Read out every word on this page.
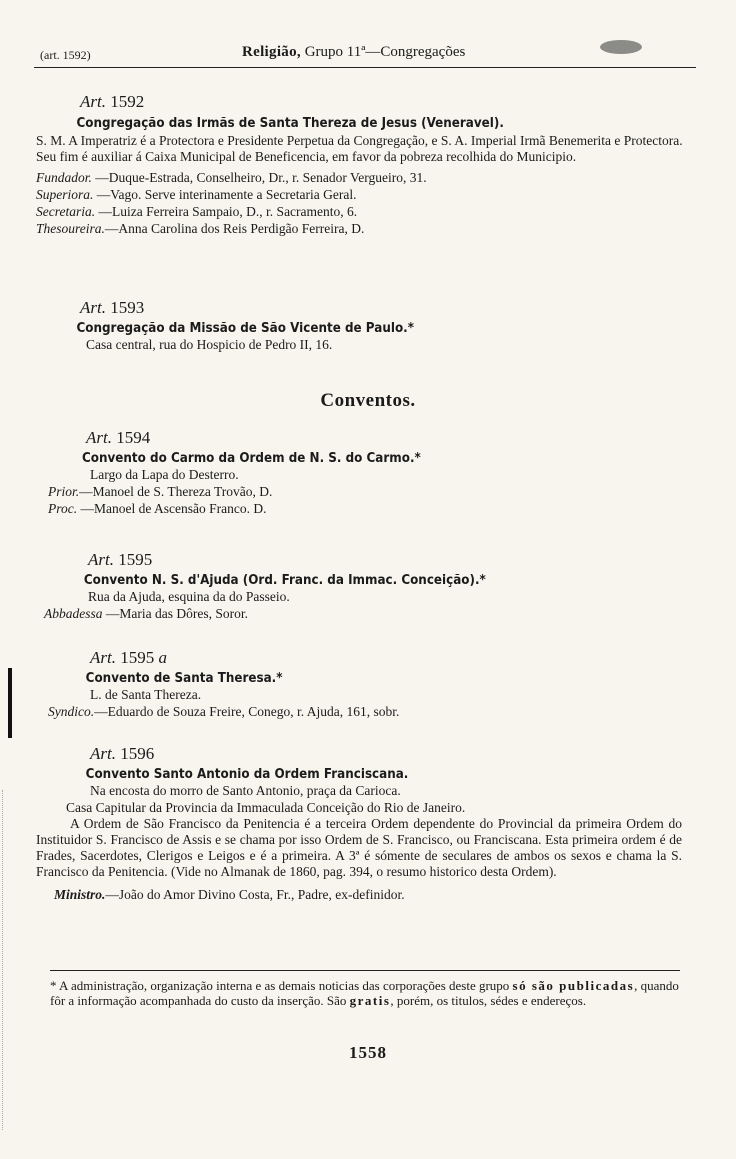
(art. 1592)	Religião, Grupo 11ª—Congregações
Art. 1592
Congregação das Irmãs de Santa Thereza de Jesus (Veneravel).
S. M. A Imperatriz é a Protectora e Presidente Perpetua da Congregação, e S. A. Imperial Irmã Benemerita e Protectora.
Seu fim é auxiliar á Caixa Municipal de Beneficencia, em favor da pobreza recolhida do Municipio.
Fundador. —Duque-Estrada, Conselheiro, Dr., r. Senador Vergueiro, 31.
Superiora. —Vago. Serve interinamente a Secretaria Geral.
Secretaria. —Luiza Ferreira Sampaio, D., r. Sacramento, 6.
Thesoureira.—Anna Carolina dos Reis Perdigão Ferreira, D.
Art. 1593
Congregação da Missão de São Vicente de Paulo.*
Casa central, rua do Hospicio de Pedro II, 16.
Conventos.
Art. 1594
Convento do Carmo da Ordem de N. S. do Carmo.*
Largo da Lapa do Desterro.
Prior.—Manoel de S. Thereza Trovão, D.
Proc. —Manoel de Ascensão Franco. D.
Art. 1595
Convento N. S. d'Ajuda (Ord. Franc. da Immac. Conceição).*
Rua da Ajuda, esquina da do Passeio.
Abbadessa —Maria das Dôres, Soror.
Art. 1595 a
Convento de Santa Theresa.*
L. de Santa Thereza.
Syndico.—Eduardo de Souza Freire, Conego, r. Ajuda, 161, sobr.
Art. 1596
Convento Santo Antonio da Ordem Franciscana.
Na encosta do morro de Santo Antonio, praça da Carioca.
Casa Capitular da Provincia da Immaculada Conceição do Rio de Janeiro.
A Ordem de São Francisco da Penitencia é a terceira Ordem dependente do Provincial da primeira Ordem do Instituidor S. Francisco de Assis e se chama por isso Ordem de S. Francisco, ou Franciscana. Esta primeira ordem é de Frades, Sacerdotes, Clerigos e Leigos e é a primeira. A 3ª é sómente de seculares de ambos os sexos e chama la S. Francisco da Penitencia. (Vide no Almanak de 1860, pag. 394, o resumo historico desta Ordem).
Ministro.—João do Amor Divino Costa, Fr., Padre, ex-definidor.
* A administração, organização interna e as demais noticias das corporações deste grupo só são publicadas, quando fôr a informação acompanhada do custo da inserção. São gratis, porém, os titulos, sédes e endereços.
1558
